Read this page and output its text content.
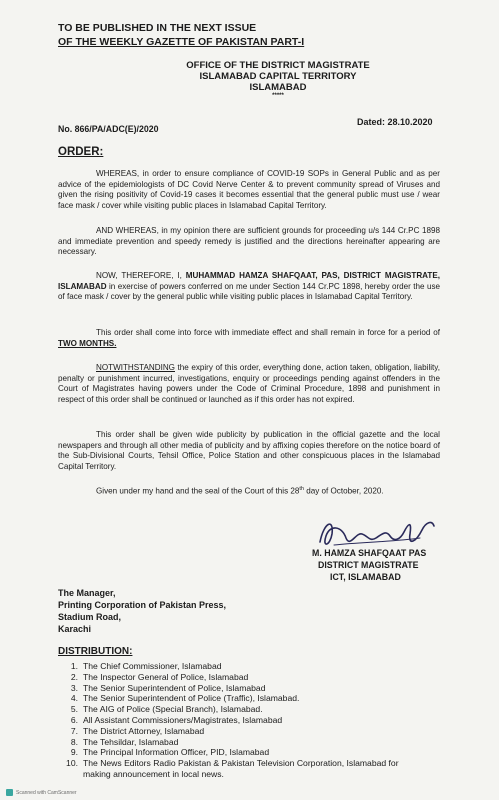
TO BE PUBLISHED IN THE NEXT ISSUE
OF THE WEEKLY GAZETTE OF PAKISTAN PART-I
OFFICE OF THE DISTRICT MAGISTRATE
ISLAMABAD CAPITAL TERRITORY
ISLAMABAD
*****
No. 866/PA/ADC(E)/2020
Dated: 28.10.2020
ORDER:
WHEREAS, in order to ensure compliance of COVID-19 SOPs in General Public and as per advice of the epidemiologists of DC Covid Nerve Center & to prevent community spread of Viruses and given the rising positivity of Covid-19 cases it becomes essential that the general public must use / wear face mask / cover while visiting public places in Islamabad Capital Territory.
AND WHEREAS, in my opinion there are sufficient grounds for proceeding u/s 144 Cr.PC 1898 and immediate prevention and speedy remedy is justified and the directions hereinafter appearing are necessary.
NOW, THEREFORE, I, MUHAMMAD HAMZA SHAFQAAT, PAS, DISTRICT MAGISTRATE, ISLAMABAD in exercise of powers conferred on me under Section 144 Cr.PC 1898, hereby order the use of face mask / cover by the general public while visiting public places in Islamabad Capital Territory.
This order shall come into force with immediate effect and shall remain in force for a period of TWO MONTHS.
NOTWITHSTANDING the expiry of this order, everything done, action taken, obligation, liability, penalty or punishment incurred, investigations, enquiry or proceedings pending against offenders in the Court of Magistrates having powers under the Code of Criminal Procedure, 1898 and punishment in respect of this order shall be continued or launched as if this order has not expired.
This order shall be given wide publicity by publication in the official gazette and the local newspapers and through all other media of publicity and by affixing copies therefore on the notice board of the Sub-Divisional Courts, Tehsil Office, Police Station and other conspicuous places in the Islamabad Capital Territory.
Given under my hand and the seal of the Court of this 28th day of October, 2020.
M. HAMZA SHAFQAAT PAS
DISTRICT MAGISTRATE
ICT, ISLAMABAD
The Manager,
Printing Corporation of Pakistan Press,
Stadium Road,
Karachi
DISTRIBUTION:
1. The Chief Commissioner, Islamabad
2. The Inspector General of Police, Islamabad
3. The Senior Superintendent of Police, Islamabad
4. The Senior Superintendent of Police (Traffic), Islamabad.
5. The AIG of Police (Special Branch), Islamabad.
6. All Assistant Commissioners/Magistrates, Islamabad
7. The District Attorney, Islamabad
8. The Tehsildar, Islamabad
9. The Principal Information Officer, PID, Islamabad
10. The News Editors Radio Pakistan & Pakistan Television Corporation, Islamabad for
making announcement in local news.
Scanned with CamScanner
